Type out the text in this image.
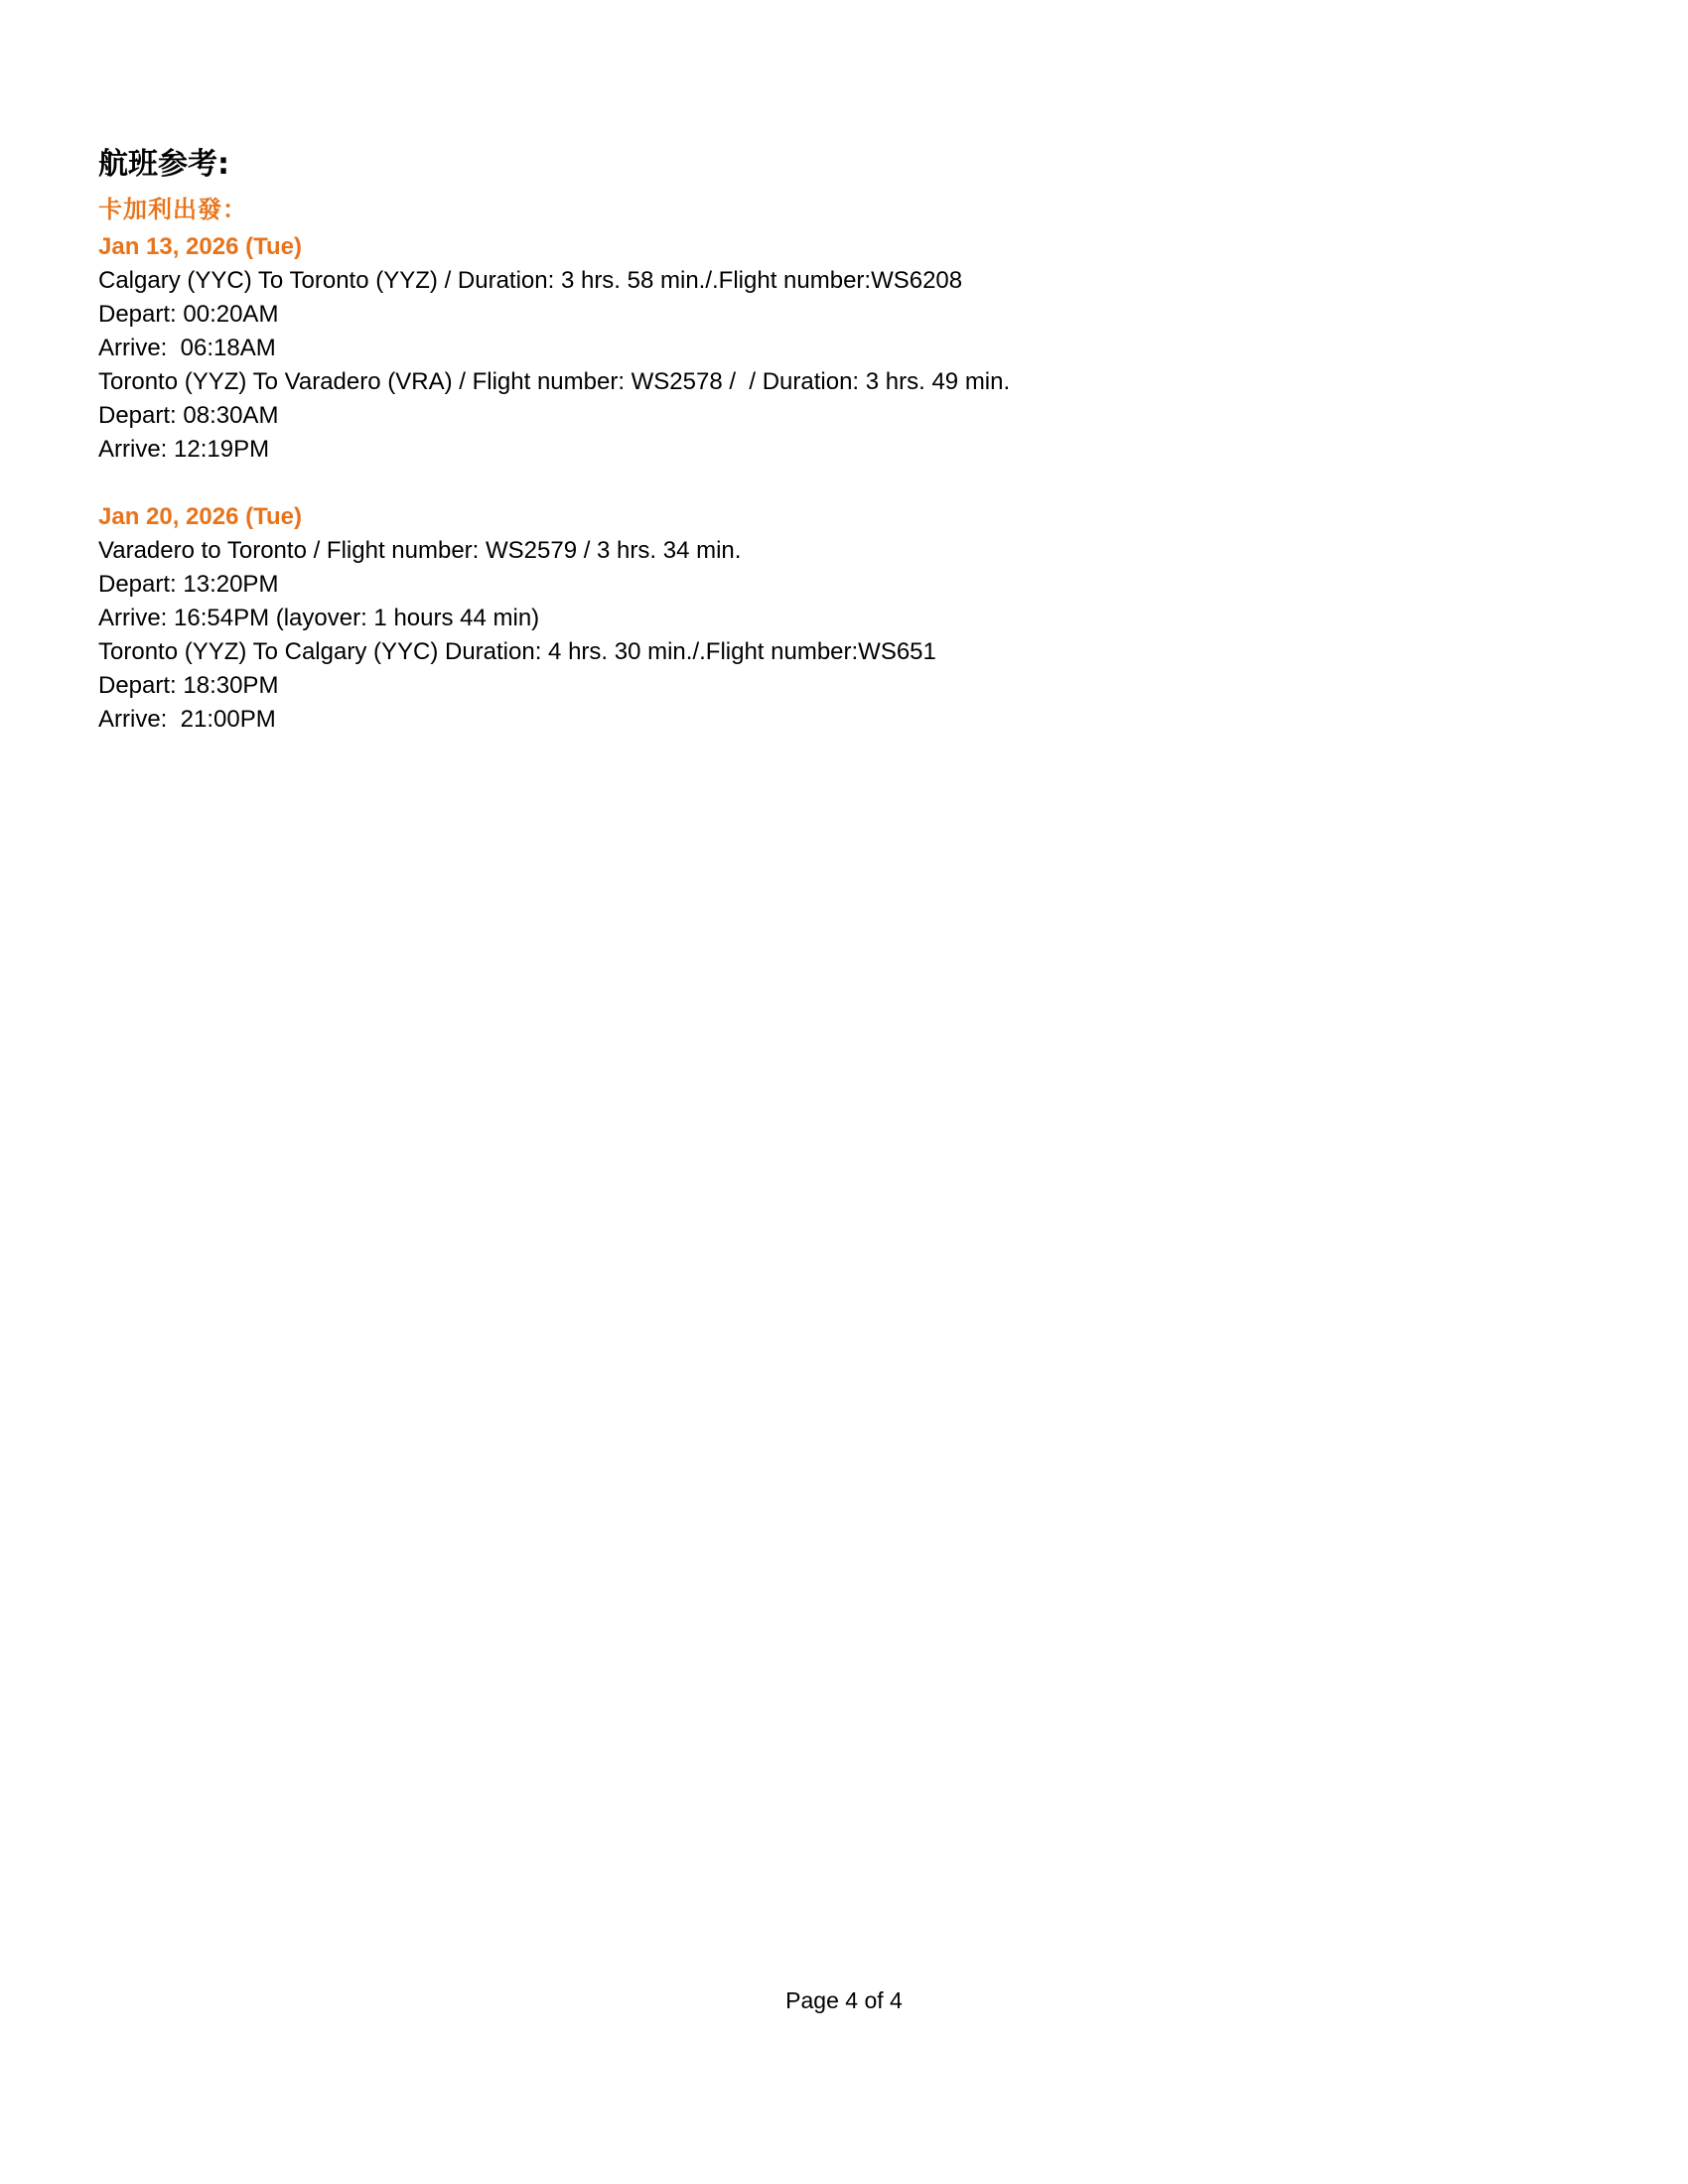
航班参考:
卡加利出發：
Jan 13, 2026 (Tue)
Calgary (YYC) To Toronto (YYZ) / Duration: 3 hrs. 58 min./.Flight number:WS6208
Depart: 00:20AM
Arrive:  06:18AM
Toronto (YYZ) To Varadero (VRA) / Flight number: WS2578 /  / Duration: 3 hrs. 49 min.
Depart: 08:30AM
Arrive: 12:19PM
Jan 20, 2026 (Tue)
Varadero to Toronto / Flight number: WS2579 / 3 hrs. 34 min.
Depart: 13:20PM
Arrive: 16:54PM (layover: 1 hours 44 min)
Toronto (YYZ) To Calgary (YYC) Duration: 4 hrs. 30 min./.Flight number:WS651
Depart: 18:30PM
Arrive:  21:00PM
Page 4 of 4
